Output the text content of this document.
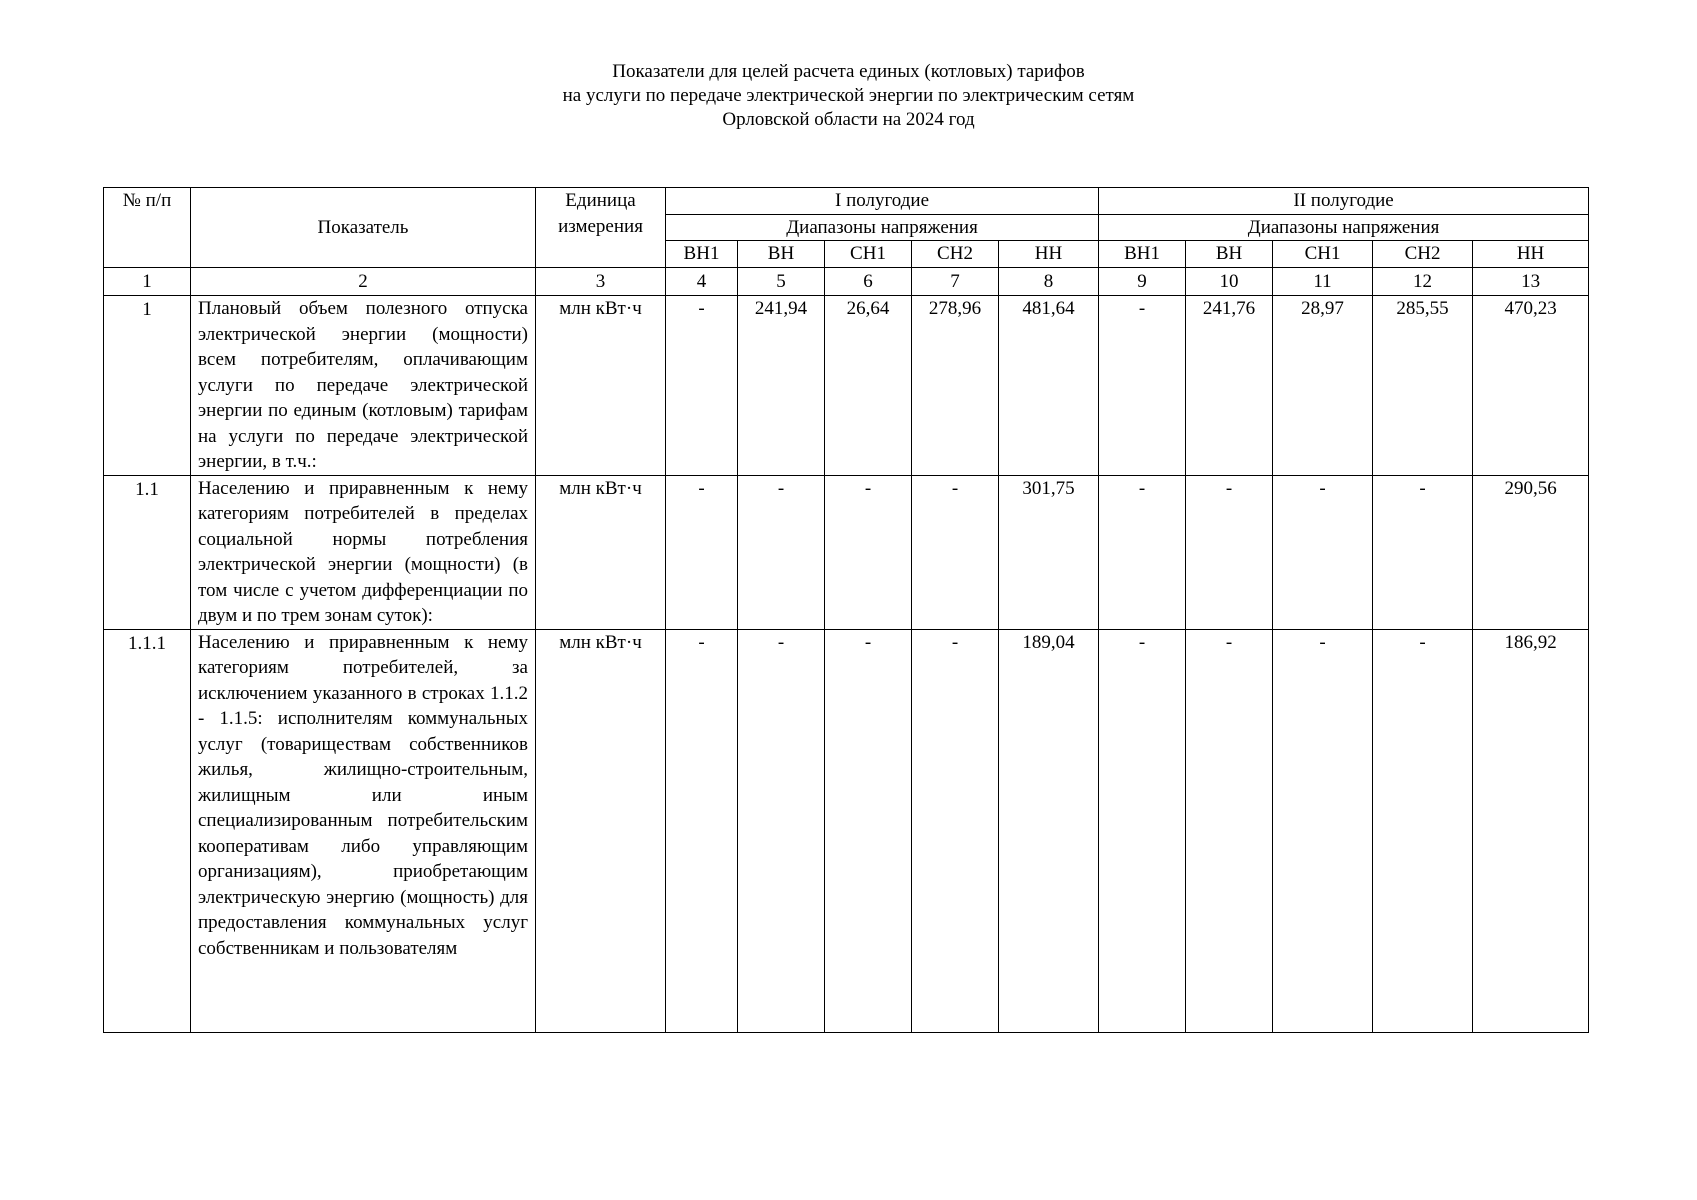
Показатели для целей расчета единых (котловых) тарифов
на услуги по передаче электрической энергии по электрическим сетям
Орловской области на 2024 год
№ п/п	Показатель	Единица измерения	I полугодие					II полугодие				
			Диапазоны напряжения					Диапазоны напряжения				
			ВН1	ВН	СН1	СН2	НН	ВН1	ВН	СН1	СН2	НН
1	2	3	4	5	6	7	8	9	10	11	12	13
1	Плановый объем полезного отпуска электрической энергии (мощности) всем потребителям, оплачивающим услуги по передаче электрической энергии по единым (котловым) тарифам на услуги по передаче электрической энергии, в т.ч.:	млн кВт·ч	-	241,94	26,64	278,96	481,64	-	241,76	28,97	285,55	470,23
1.1	Населению и приравненным к нему категориям потребителей в пределах социальной нормы потребления электрической энергии (мощности) (в том числе с учетом дифференциации по двум и по трем зонам суток):	млн кВт·ч	-	-	-	-	301,75	-	-	-	-	290,56
1.1.1	Населению и приравненным к нему категориям потребителей, за исключением указанного в строках 1.1.2 - 1.1.5: исполнителям коммунальных услуг (товариществам собственников жилья, жилищно-строительным, жилищным или иным специализированным потребительским кооперативам либо управляющим организациям), приобретающим электрическую энергию (мощность) для предоставления коммунальных услуг собственникам и пользователям	млн кВт·ч	-	-	-	-	189,04	-	-	-	-	186,92
